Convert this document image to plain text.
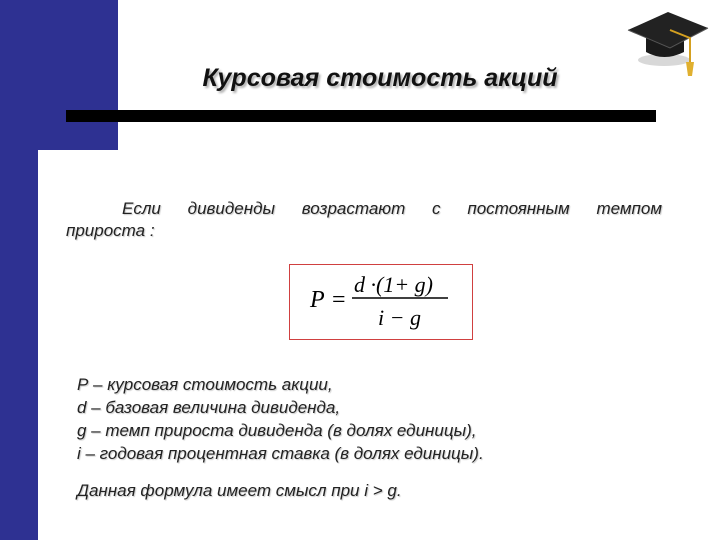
Курсовая стоимость акций
Если дивиденды возрастают с постоянным темпом
прироста :
P =
d ·(1+ g)
i − g
Р – курсовая стоимость акции,
d – базовая величина дивиденда,
g – темп прироста дивиденда (в долях единицы),
i – годовая процентная ставка (в долях единицы).
Данная формула имеет смысл при i > g.
